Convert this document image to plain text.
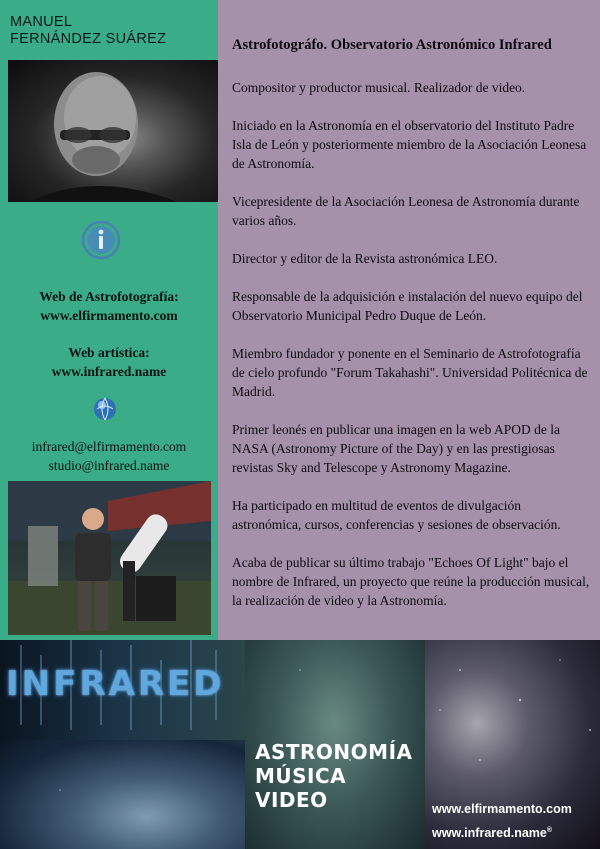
MANUEL
FERNÁNDEZ SUÁREZ
Web de Astrofotografía:
www.elfirmamento.com
Web artística:
www.infrared.name
infrared@elfirmamento.com
studio@infrared.name
Astrofotográfo. Observatorio Astronómico Infrared

Compositor y productor musical. Realizador de video.

Iniciado en la Astronomía en el observatorio del Instituto Padre Isla de León y posteriormente miembro de la Asociación Leonesa de Astronomía.

Vicepresidente de la Asociación Leonesa de Astronomía durante varios años.

Director y editor de la Revista astronómica LEO.

Responsable de la adquisición e instalación del nuevo equipo del Observatorio Municipal Pedro Duque de León.

Miembro fundador y ponente en el Seminario de Astrofotografía de cielo profundo "Forum Takahashi". Universidad Politécnica de Madrid.

Primer leonés en publicar una imagen en la web APOD de la NASA (Astronomy Picture of the Day) y en las prestigiosas revistas Sky and Telescope y Astronomy Magazine.

Ha participado en multitud de eventos de divulgación astronómica, cursos, conferencias y sesiones de observación.

Acaba de publicar su último trabajo "Echoes Of Light" bajo el nombre de Infrared, un proyecto que reúne la producción musical, la realización de video y la Astronomía.

INFRARED
ASTRONOMÍA
MÚSICA
VIDEO	www.elfirmamento.com
www.infrared.name®
